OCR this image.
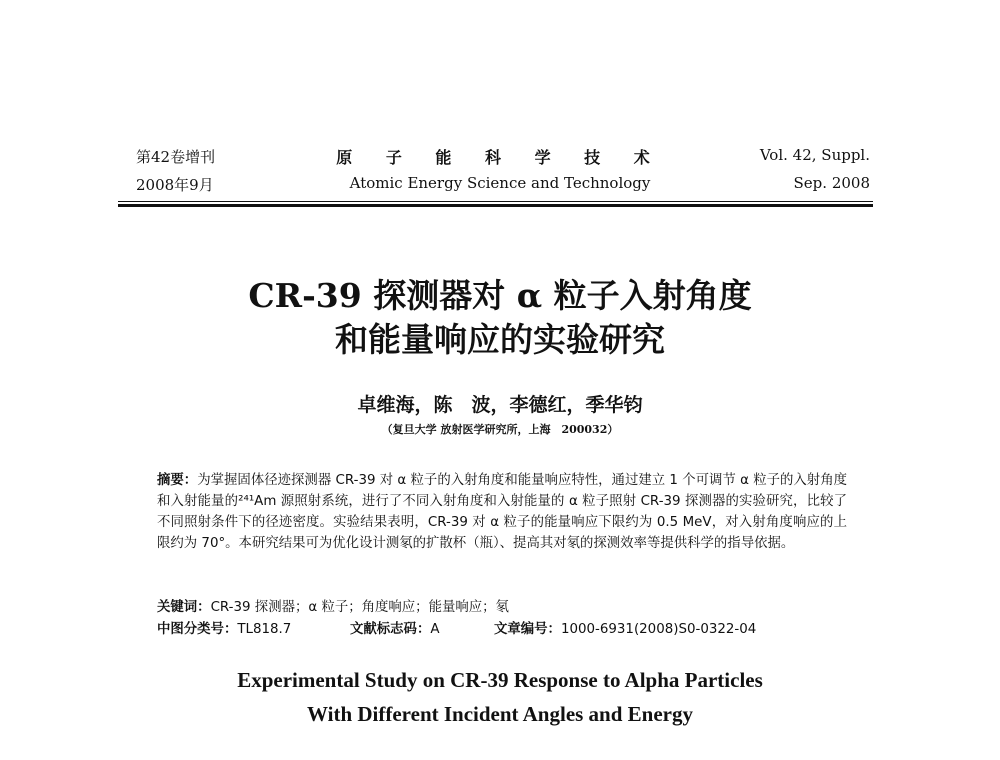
第42卷增刊
2008年9月
原 子 能 科 学 技 术
Atomic Energy Science and Technology
Vol. 42, Suppl.
Sep. 2008
CR-39 探测器对 α 粒子入射角度
和能量响应的实验研究
卓维海，陈　波，李德红，季华钧
（复旦大学 放射医学研究所，上海　200032）
摘要：为掌握固体径迹探测器 CR-39 对 α 粒子的入射角度和能量响应特性，通过建立 1 个可调节 α 粒子的入射角度和入射能量的²⁴¹Am 源照射系统，进行了不同入射角度和入射能量的 α 粒子照射 CR-39 探测器的实验研究，比较了不同照射条件下的径迹密度。实验结果表明，CR-39 对 α 粒子的能量响应下限约为 0.5 MeV，对入射角度响应的上限约为 70°。本研究结果可为优化设计测氡的扩散杯（瓶）、提高其对氡的探测效率等提供科学的指导依据。
关键词：CR-39 探测器；α 粒子；角度响应；能量响应；氡
中图分类号：TL818.7	文献标志码：A	文章编号：1000-6931(2008)S0-0322-04
Experimental Study on CR-39 Response to Alpha Particles
With Different Incident Angles and Energy
